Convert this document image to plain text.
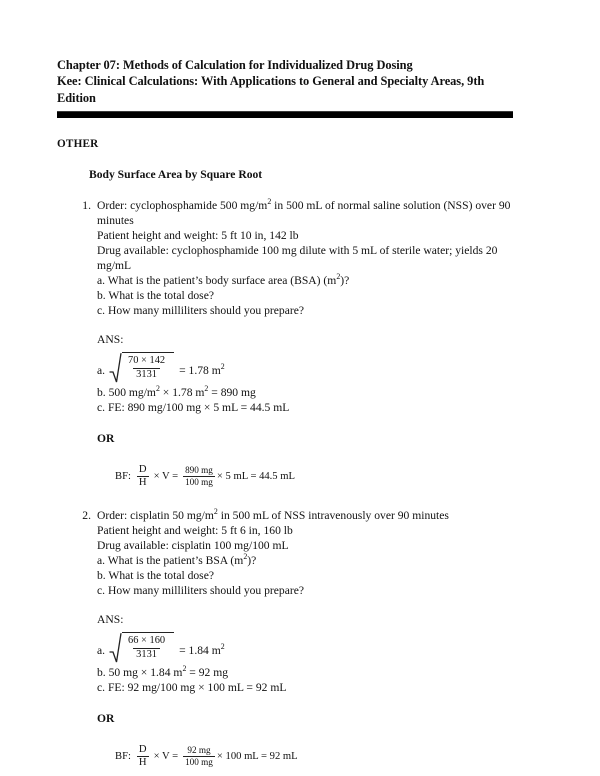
Chapter 07: Methods of Calculation for Individualized Drug Dosing
Kee: Clinical Calculations: With Applications to General and Specialty Areas, 9th Edition
OTHER
Body Surface Area by Square Root
1. Order: cyclophosphamide 500 $mg/m^2$ in 500 mL of normal saline solution (NSS) over 90 minutes
Patient height and weight: 5 ft 10 in, 142 lb
Drug available: cyclophosphamide 100 mg dilute with 5 mL of sterile water; yields 20 mg/mL
a. What is the patient’s body surface area (BSA) $(m^2)$?
b. What is the total dose?
c. How many milliliters should you prepare?
ANS:
a.	$\frac{70 \times 142}{3131} = 1.78$ $m^2$
b. 500 $mg/m^2 \times 1.78$ $m^2 = 890$ mg
c. FE: 890 mg/100 mg × 5 mL = 44.5 mL
OR
BF: $\frac{D}{H} \times V = \frac{890 mg}{100 mg} \times 5$ mL = 44.5 mL
2. Order: cisplatin 50 $mg/m^2$ in 500 mL of NSS intravenously over 90 minutes
Patient height and weight: 5 ft 6 in, 160 lb
Drug available: cisplatin 100 mg/100 mL
a. What is the patient’s BSA $(m^2)$?
b. What is the total dose?
c. How many milliliters should you prepare?
ANS:
a.	$\frac{66 \times 160}{3131} = 1.84$ $m^2$
b. 50 mg × 1.84 $m^2 = 92$ mg
c. FE: 92 mg/100 mg × 100 mL = 92 mL
OR
BF: $\frac{D}{H} \times V = \frac{92 mg}{100 mg} \times 100$ mL = 92 mL
